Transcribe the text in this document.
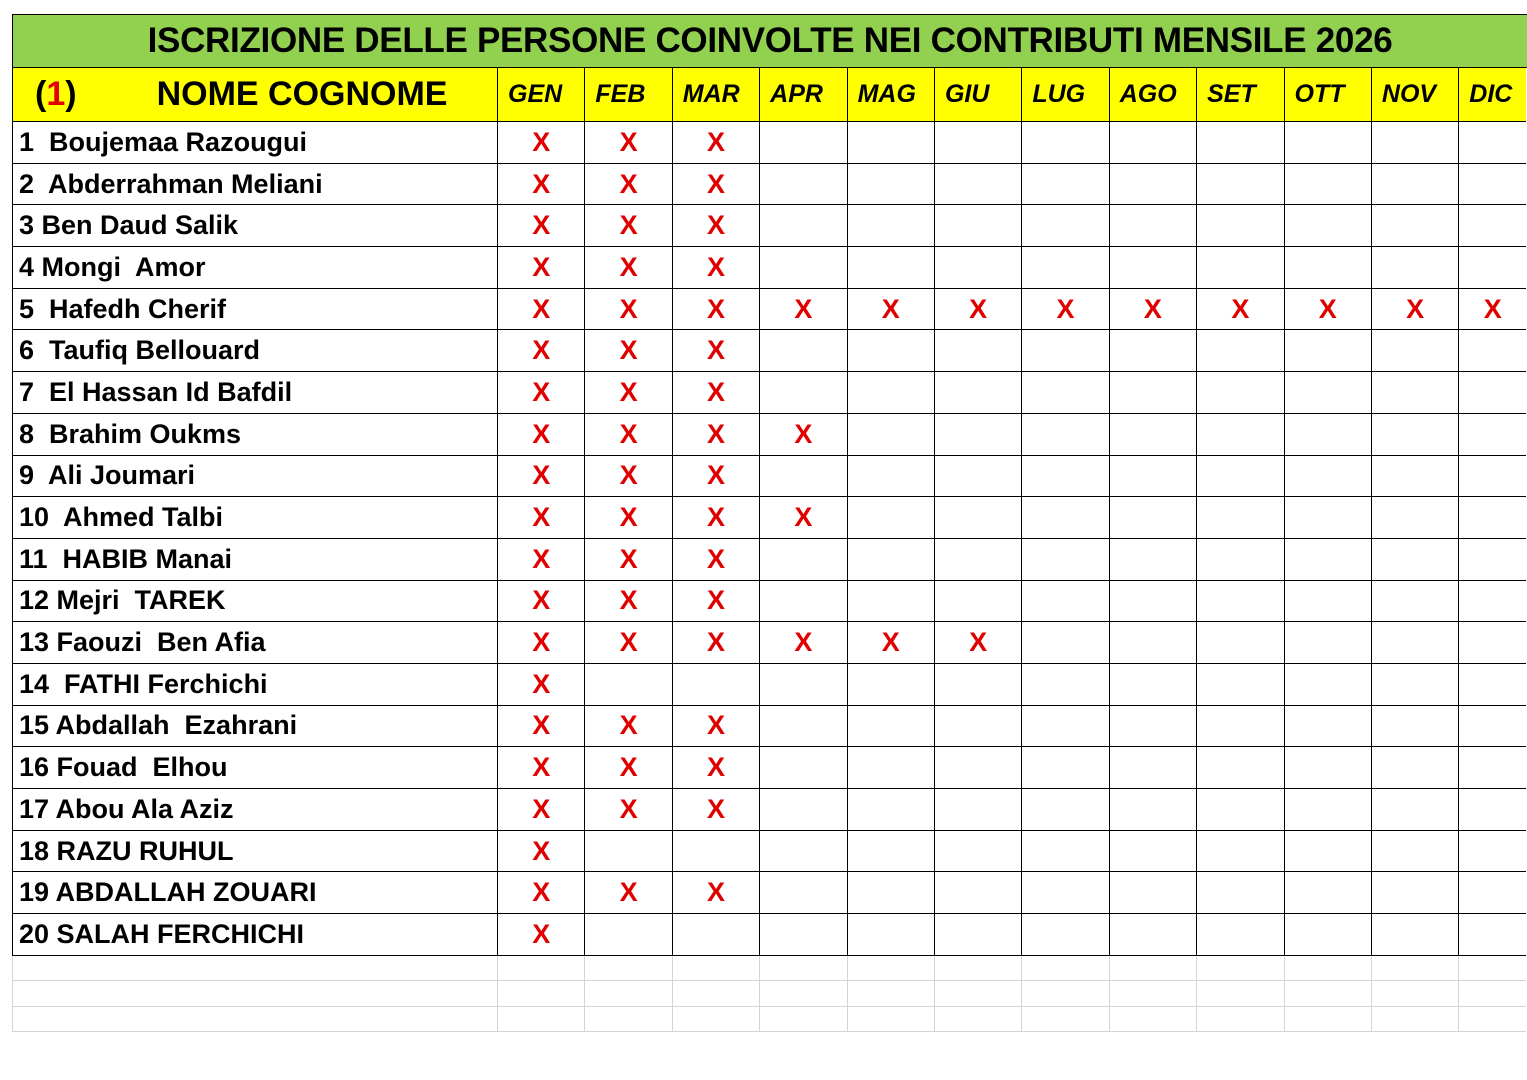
ISCRIZIONE DELLE PERSONE COINVOLTE NEI CONTRIBUTI MENSILE 2026
( 1 ) NOME COGNOME	GEN	FEB	MAR	APR	MAG	GIU	LUG	AGO	SET	OTT	NOV	DIC
1  Boujemaa Razougui	X	X	X
2  Abderrahman Meliani	X	X	X
3 Ben Daud Salik	X	X	X
4 Mongi  Amor	X	X	X
5  Hafedh Cherif	X	X	X	X	X	X	X	X	X	X	X X
6  Taufiq Bellouard	X	X	X
7  El Hassan Id Bafdil	X	X	X
8  Brahim Oukms	X	X	X	X
9  Ali Joumari	X	X	X
10  Ahmed Talbi	X	X	X	X
11  HABIB Manai	X	X	X
12 Mejri  TAREK	X	X	X
13 Faouzi  Ben Afia	X	X	X	X	X	X
14  FATHI Ferchichi	X
15 Abdallah  Ezahrani	X	X	X
16 Fouad  Elhou	X	X	X
17 Abou Ala Aziz	X	X	X
18 RAZU RUHUL	X
19 ABDALLAH ZOUARI	X	X	X
20 SALAH FERCHICHI	X
